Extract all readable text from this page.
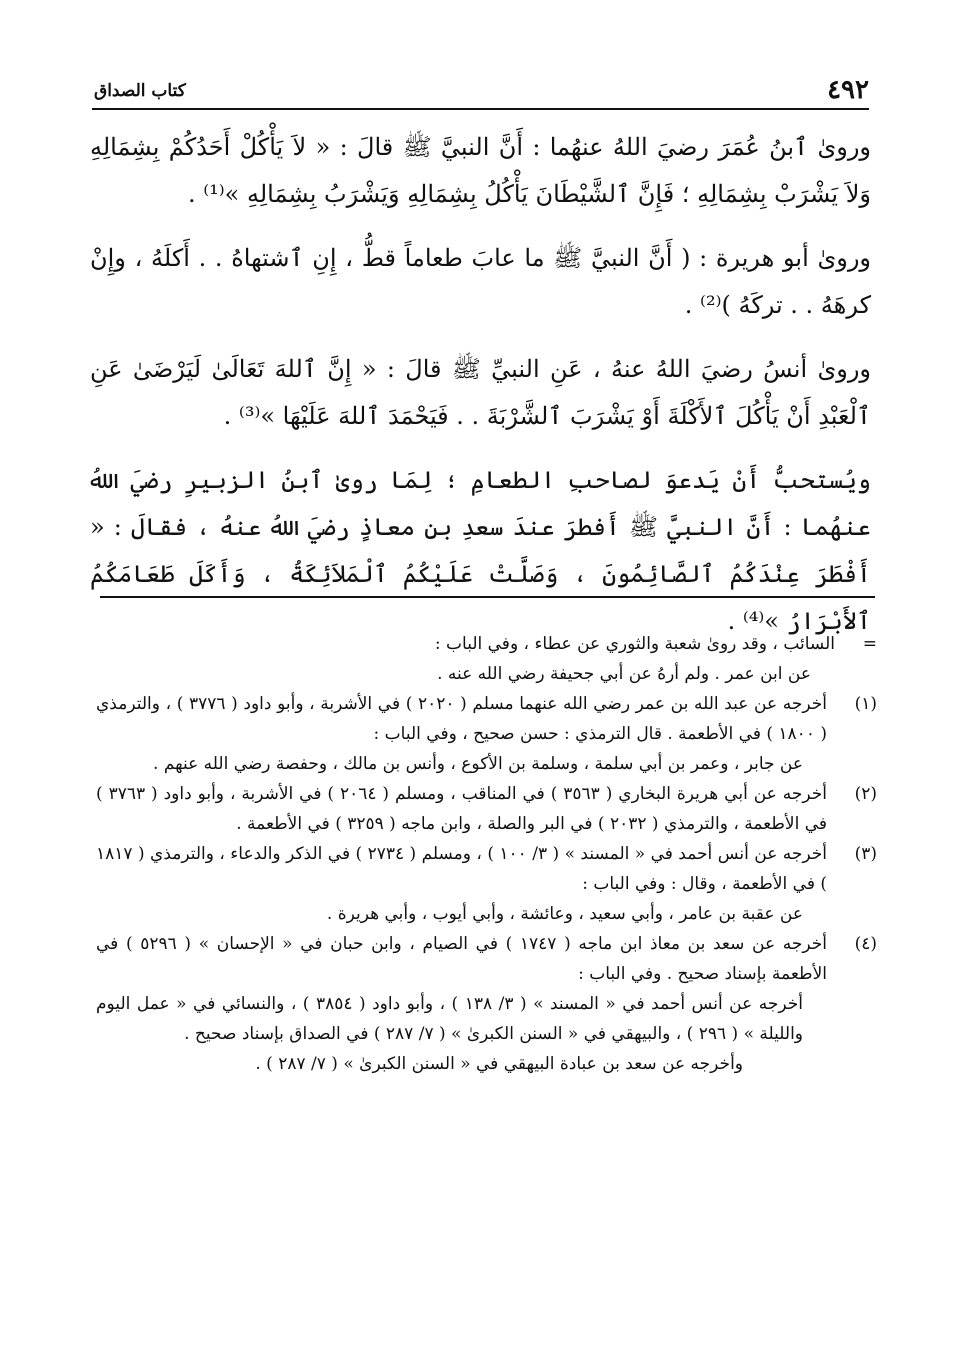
٤٩٢
كتاب الصداق

وروىٰ ٱبنُ عُمَرَ رضيَ اللهُ عنهُما : أَنَّ النبيَّ ﷺ قالَ : « لاَ يَأْكُلْ أَحَدُكُمْ بِشِمَالِهِ وَلاَ يَشْرَبْ بِشِمَالِهِ ؛ فَإِنَّ ٱلشَّيْطَانَ يَأْكُلُ بِشِمَالِهِ وَيَشْرَبُ بِشِمَالِهِ »⁽¹⁾ .

وروىٰ أبو هريرة : ( أَنَّ النبيَّ ﷺ ما عابَ طعاماً قطُّ ، إِنِ ٱشتهاهُ . . أَكلَهُ ، وإِنْ كرهَهُ . . تركَهُ )⁽²⁾ .

وروىٰ أنسُ رضيَ اللهُ عنهُ ، عَنِ النبيِّ ﷺ قالَ : « إِنَّ ٱللهَ تَعَالَىٰ لَيَرْضَىٰ عَنِ ٱلْعَبْدِ أَنْ يَأْكُلَ ٱلأَكْلَةَ أَوْ يَشْرَبَ ٱلشَّرْبَةَ . . فَيَحْمَدَ ٱللهَ عَلَيْهَا »⁽³⁾ .

ويُستحبُّ أَنْ يَدعوَ لصاحبِ الطعامِ ؛ لِمَا روىٰ ٱبنُ الزبيرِ رضيَ اللهُ عنهُما : أَنَّ النبيَّ ﷺ أَفطرَ عندَ سعدِ بنِ معاذٍ رضيَ اللهُ عنهُ ، فقالَ : « أَفْطَرَ عِنْدَكُمُ ٱلصَّائِمُونَ ، وَصَلَّتْ عَلَيْكُمُ ٱلْمَلاَئِكَةُ ، وَأَكَلَ طَعَامَكُمُ ٱلأَبْرَارُ »⁽⁴⁾ .

=
السائب ، وقد روىٰ شعبة والثوري عن عطاء ، وفي الباب :
عن ابن عمر . ولم أرهُ عن أبي جحيفة رضي الله عنه .
(١)

أخرجه عن عبد الله بن عمر رضي الله عنهما مسلم ( ٢٠٢٠ ) في الأشربة ، وأبو داود ( ٣٧٧٦ ) ، والترمذي ( ١٨٠٠ ) في الأطعمة . قال الترمذي : حسن صحيح ، وفي الباب :

عن جابر ، وعمر بن أبي سلمة ، وسلمة بن الأكوع ، وأنس بن مالك ، وحفصة رضي الله عنهم .

(٢)

أخرجه عن أبي هريرة البخاري ( ٣٥٦٣ ) في المناقب ، ومسلم ( ٢٠٦٤ ) في الأشربة ، وأبو داود ( ٣٧٦٣ ) في الأطعمة ، والترمذي ( ٢٠٣٢ ) في البر والصلة ، وابن ماجه ( ٣٢٥٩ ) في الأطعمة .

(٣)

أخرجه عن أنس أحمد في « المسند » ( ٣/ ١٠٠ ) ، ومسلم ( ٢٧٣٤ ) في الذكر والدعاء ، والترمذي ( ١٨١٧ ) في الأطعمة ، وقال : وفي الباب :

عن عقبة بن عامر ، وأبي سعيد ، وعائشة ، وأبي أيوب ، وأبي هريرة .

(٤)

أخرجه عن سعد بن معاذ ابن ماجه ( ١٧٤٧ ) في الصيام ، وابن حبان في « الإحسان » ( ٥٢٩٦ ) في الأطعمة بإسناد صحيح . وفي الباب :

أخرجه عن أنس أحمد في « المسند » ( ٣/ ١٣٨ ) ، وأبو داود ( ٣٨٥٤ ) ، والنسائي في « عمل اليوم والليلة » ( ٢٩٦ ) ، والبيهقي في « السنن الكبرىٰ » ( ٧/ ٢٨٧ ) في الصداق بإسناد صحيح .

وأخرجه عن سعد بن عبادة البيهقي في « السنن الكبرىٰ » ( ٧/ ٢٨٧ ) .
